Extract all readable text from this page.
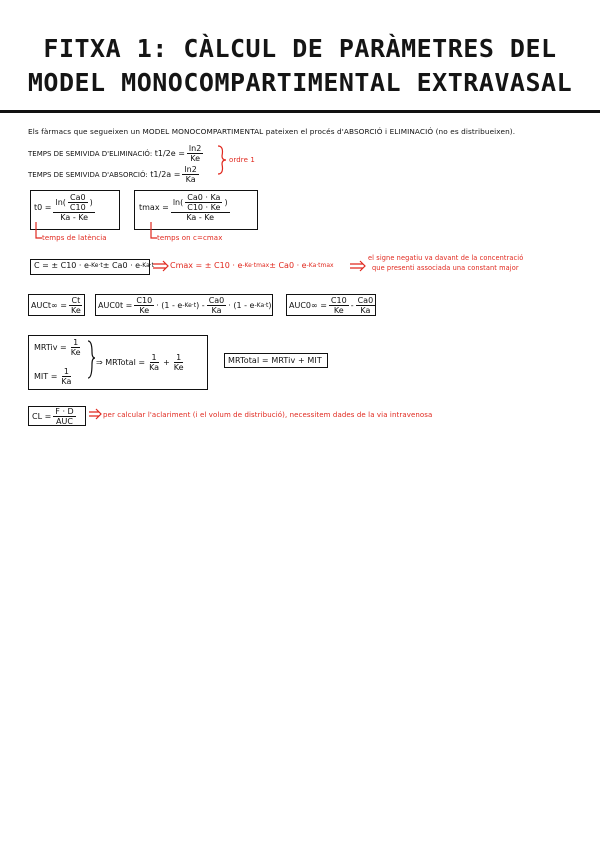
FITXA 1: CÀLCUL DE PARÀMETRES DEL
MODEL MONOCOMPARTIMENTAL EXTRAVASAL
Els fàrmacs que segueixen un MODEL MONOCOMPARTIMENTAL pateixen el procés d'ABSORCIÓ i ELIMINACIÓ (no es distribueixen).
TEMPS DE SEMIVIDA D'ELIMINACIÓ:
$t1/2e = \frac{\ln 2}{Ke}$
TEMPS DE SEMIVIDA D'ABSORCIÓ:
$t1/2a = \frac{\ln 2}{Ka}$
ordre 1
$t0 = \frac{\ln ( \frac{Ca0}{C10} )}{Ka - Ke}$
temps de latència
$tmax = \frac{\ln ( \frac{Ca0 \cdot Ka}{C10 \cdot Ke} )}{Ka - Ke}$
temps on c=cmax
C = ± C10 · e -Ke·t ± Ca0 · e -Ka·t Cmax = ± C10 · e -Ke·tmax ± Ca0 · e -Ka·tmax
el signe negatiu va davant de la concentració
que presenti associada una constant major
AUCt∞ = $\frac{Ct}{Ke} AUC0t = \frac{C10}{Ke} \cdot (1 - e$ -Ke·t ) - $\frac{Ca0}{Ka} \cdot (1 - e$ -Ka·t ) $AUC0\infty = \frac{C10}{Ke} - \frac{Ca0}{Ka}$
MRTiv = $\frac{1}{Ke}$
MIT = $\frac{1}{Ka}$
⇒ MRTotal = $\frac{1}{Ka} + \frac{1}{Ke}$	MRTotal = MRTiv + MIT
CL = $\frac{F \cdot D}{\text{AUC}}$	per calcular l'aclariment (i el volum de distribució), necessitem dades de la via intravenosa
